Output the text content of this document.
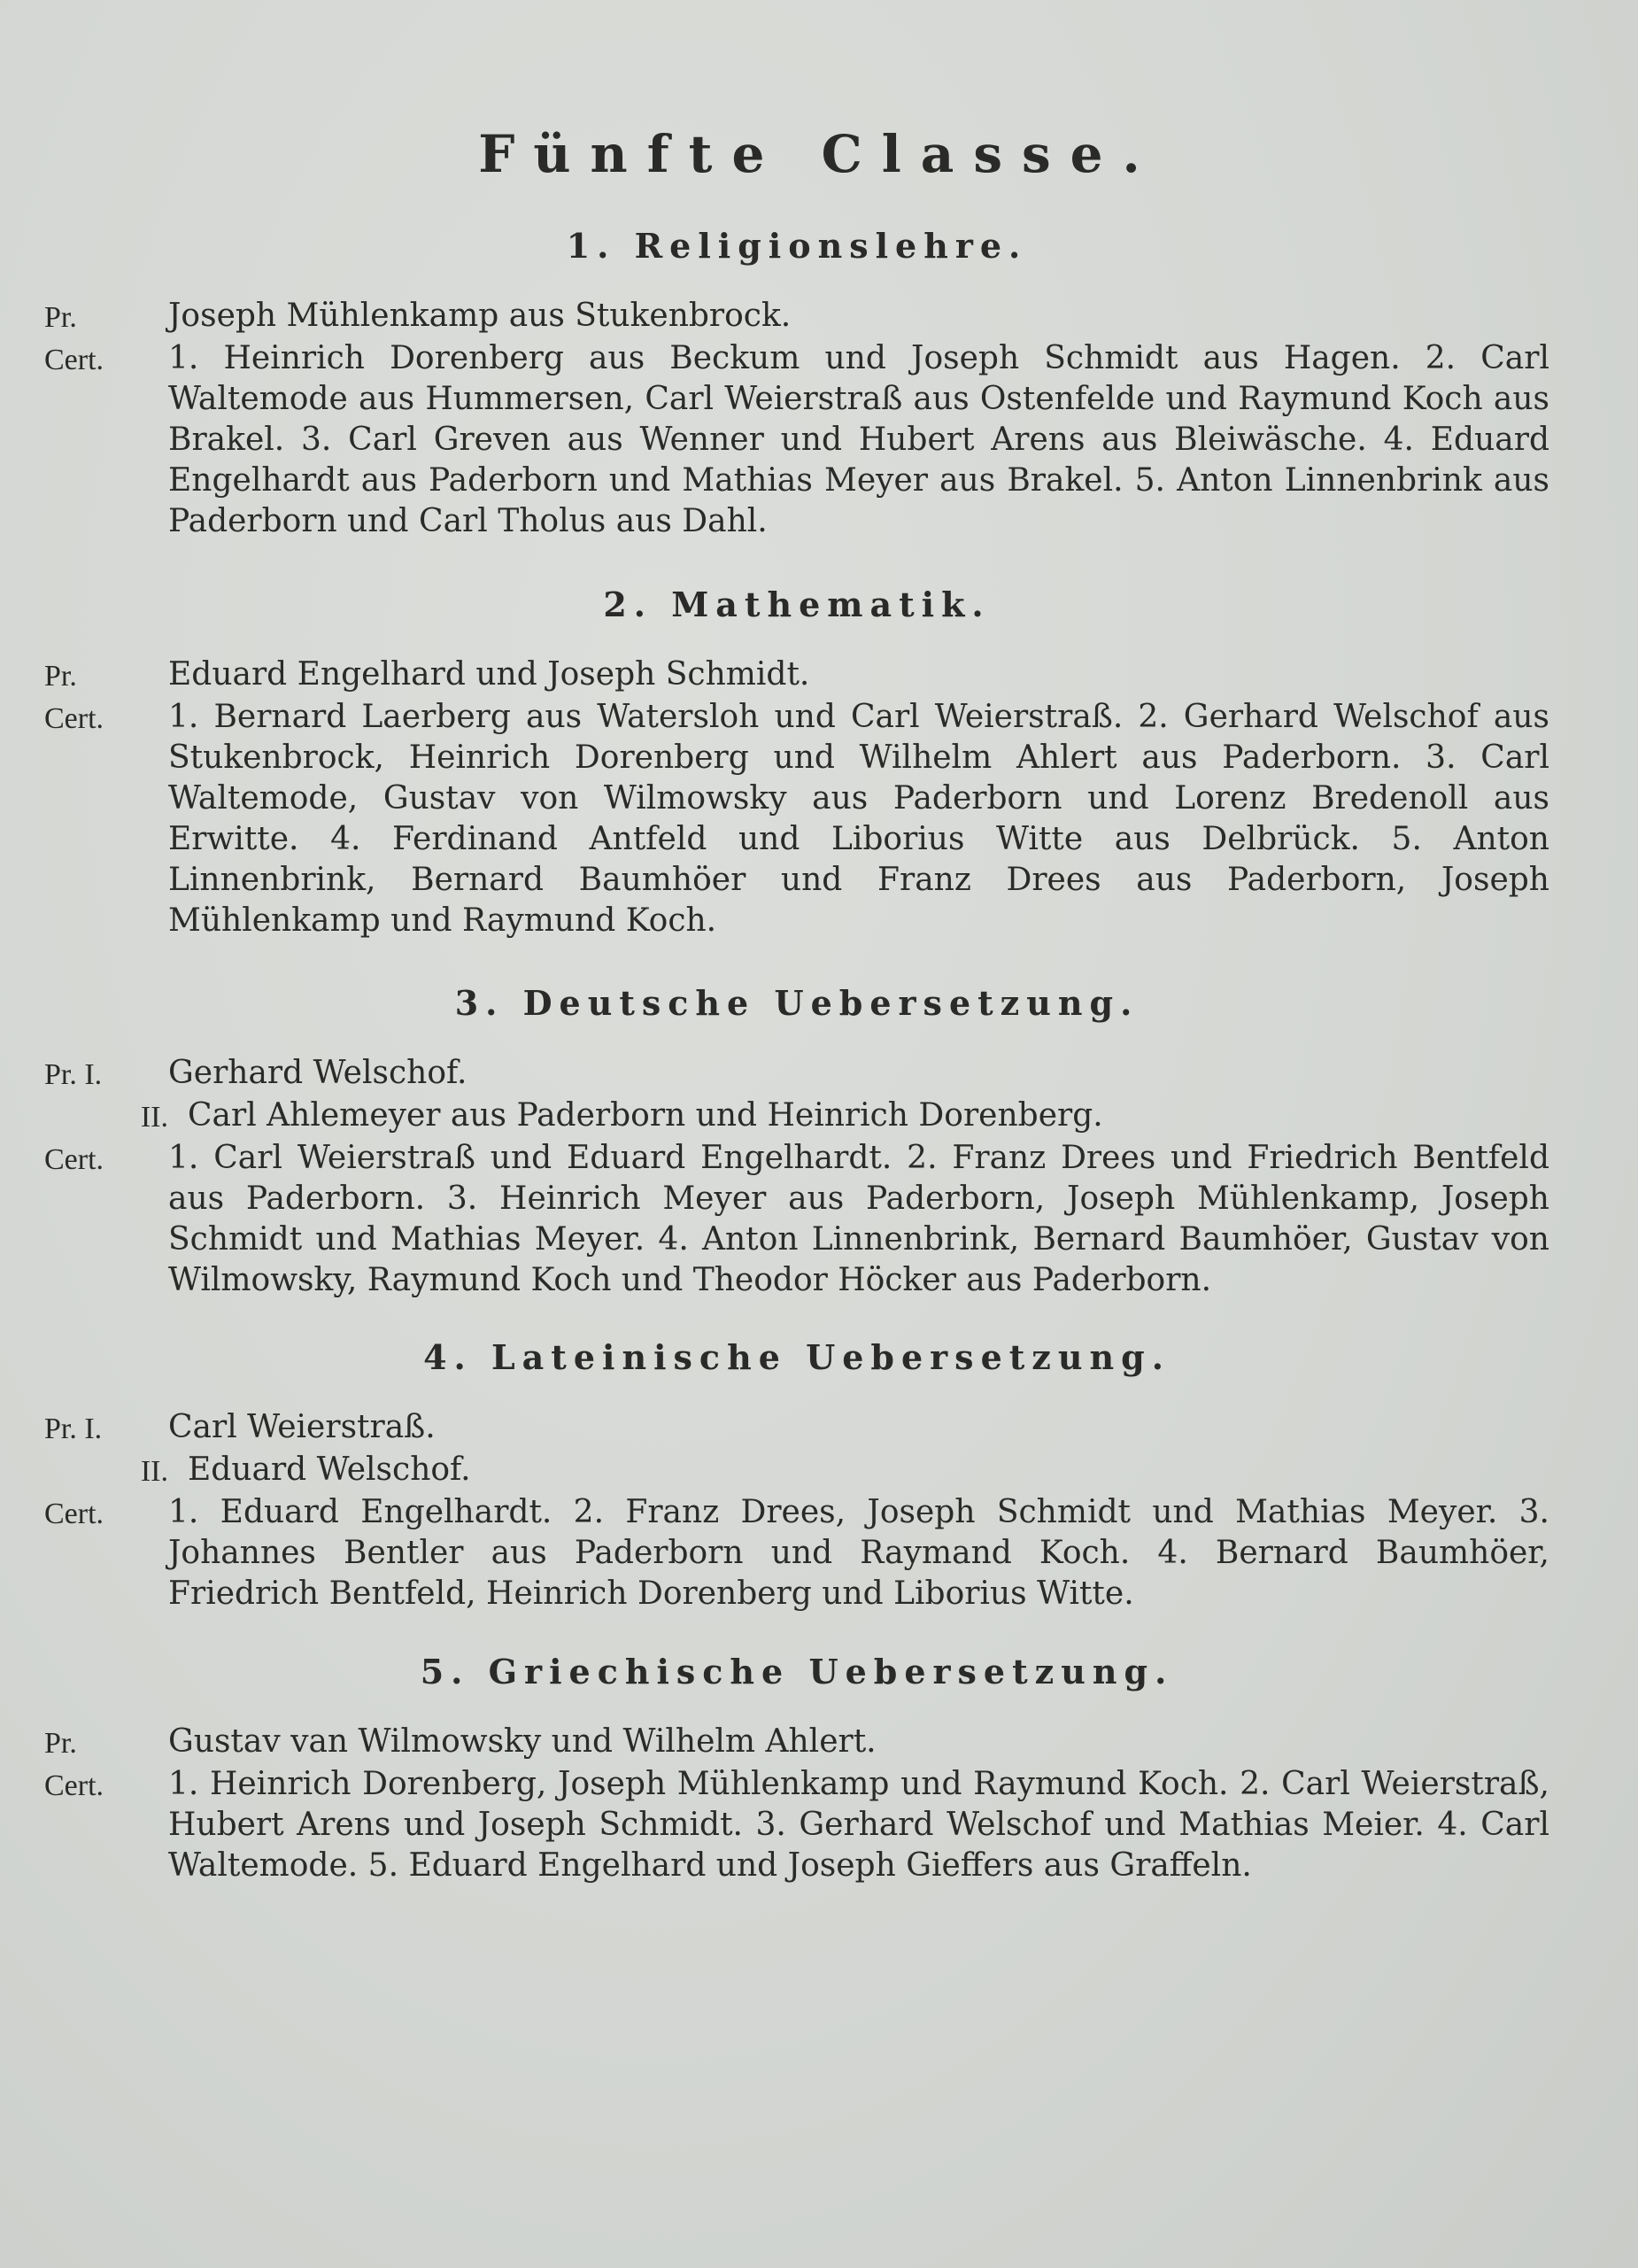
Fünfte Classe.
1. Religionslehre.
Pr.	Joseph Mühlenkamp aus Stukenbrock.
Cert.	1. Heinrich Dorenberg aus Beckum und Joseph Schmidt aus Hagen. 2. Carl Waltemode aus Hummersen, Carl Weierstraß aus Ostenfelde und Raymund Koch aus Brakel. 3. Carl Greven aus Wenner und Hubert Arens aus Bleiwäsche. 4. Eduard Engelhardt aus Paderborn und Mathias Meyer aus Brakel. 5. Anton Linnenbrink aus Paderborn und Carl Tholus aus Dahl.
2. Mathematik.
Pr.	Eduard Engelhard und Joseph Schmidt.
Cert.	1. Bernard Laerberg aus Watersloh und Carl Weierstraß. 2. Gerhard Welschof aus Stukenbrock, Heinrich Dorenberg und Wilhelm Ahlert aus Paderborn. 3. Carl Waltemode, Gustav von Wilmowsky aus Paderborn und Lorenz Bredenoll aus Erwitte. 4. Ferdinand Antfeld und Liborius Witte aus Delbrück. 5. Anton Linnenbrink, Bernard Baumhöer und Franz Drees aus Paderborn, Joseph Mühlenkamp und Raymund Koch.
3. Deutsche Uebersetzung.
Pr. I.	Gerhard Welschof.
II. Carl Ahlemeyer aus Paderborn und Heinrich Dorenberg.
Cert.	1. Carl Weierstraß und Eduard Engelhardt. 2. Franz Drees und Friedrich Bentfeld aus Paderborn. 3. Heinrich Meyer aus Paderborn, Joseph Mühlenkamp, Joseph Schmidt und Mathias Meyer. 4. Anton Linnenbrink, Bernard Baumhöer, Gustav von Wilmowsky, Raymund Koch und Theodor Höcker aus Paderborn.
4. Lateinische Uebersetzung.
Pr. I.	Carl Weierstraß.
II. Eduard Welschof.
Cert.	1. Eduard Engelhardt. 2. Franz Drees, Joseph Schmidt und Mathias Meyer. 3. Johannes Bentler aus Paderborn und Raymand Koch. 4. Bernard Baumhöer, Friedrich Bentfeld, Heinrich Dorenberg und Liborius Witte.
5. Griechische Uebersetzung.
Pr.	Gustav van Wilmowsky und Wilhelm Ahlert.
Cert.	1. Heinrich Dorenberg, Joseph Mühlenkamp und Raymund Koch. 2. Carl Weierstraß, Hubert Arens und Joseph Schmidt. 3. Gerhard Welschof und Mathias Meier. 4. Carl Waltemode. 5. Eduard Engelhard und Joseph Gieffers aus Graffeln.
